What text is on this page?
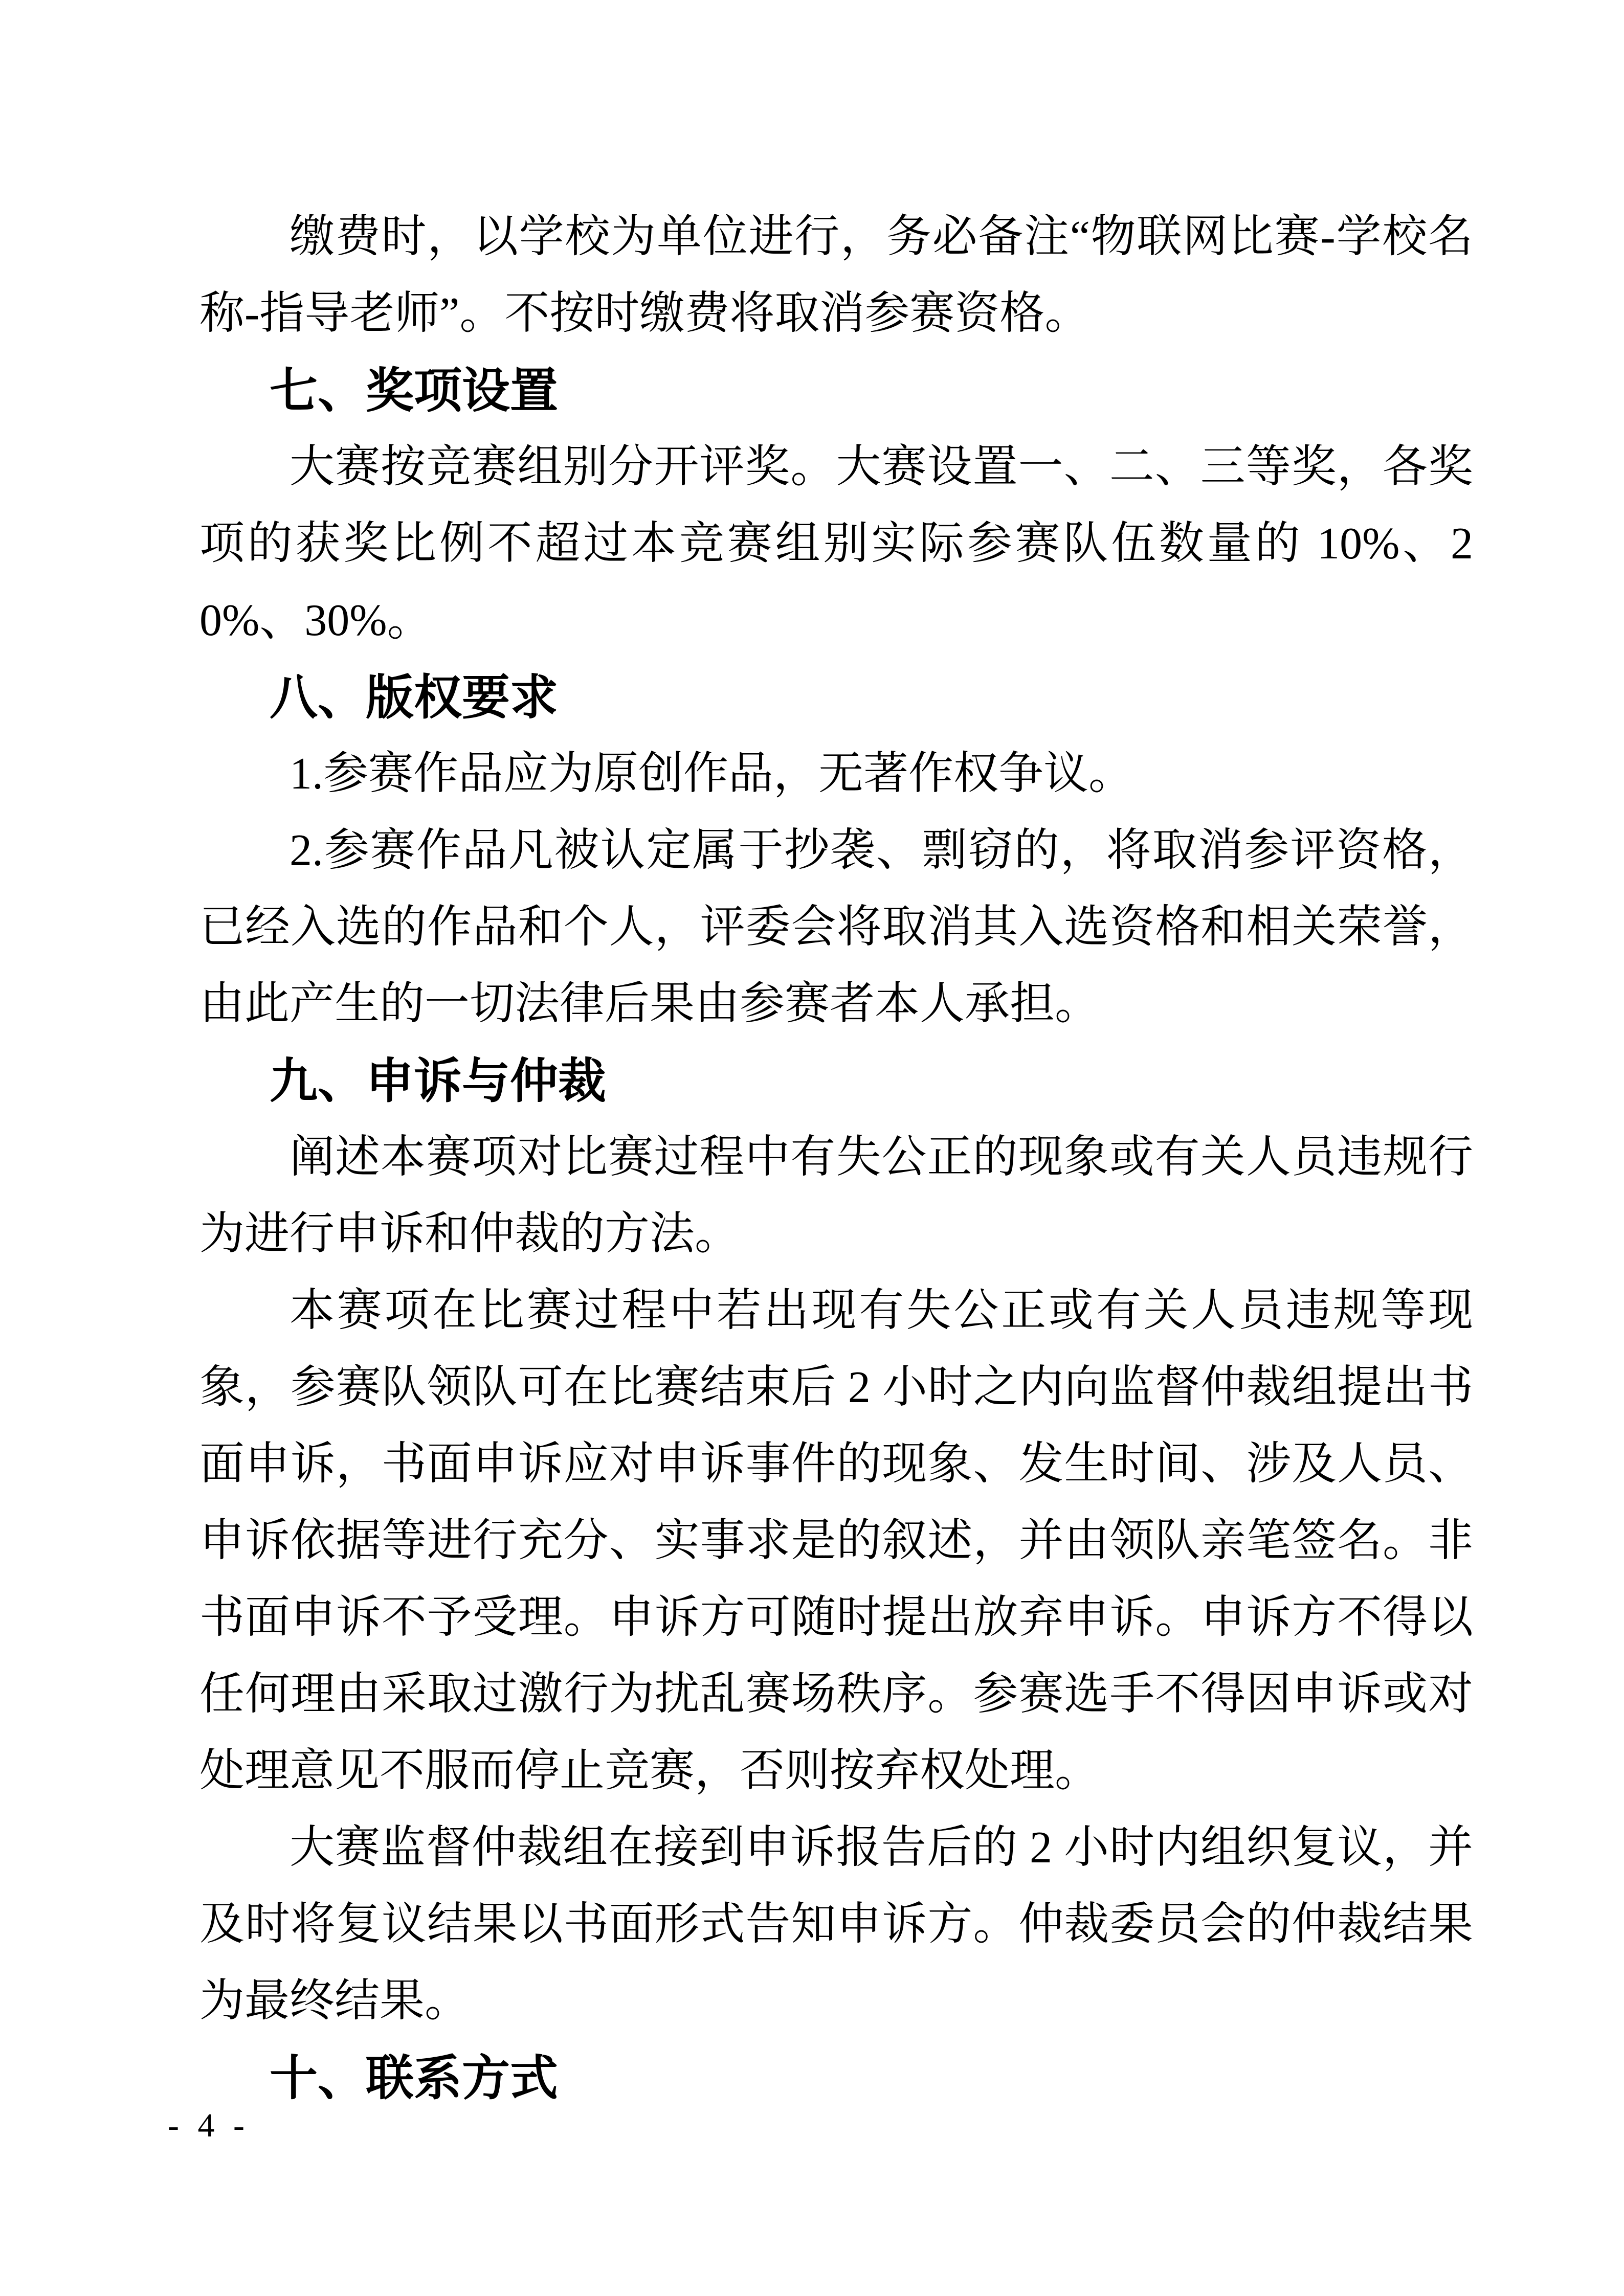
缴费时，以学校为单位进行，务必备注“物联网比赛-学校名称-指导老师”。不按时缴费将取消参赛资格。

七、奖项设置

大赛按竞赛组别分开评奖。大赛设置一、二、三等奖，各奖项的获奖比例不超过本竞赛组别实际参赛队伍数量的 10%、20%、30%。

八、版权要求

1.参赛作品应为原创作品，无著作权争议。

2.参赛作品凡被认定属于抄袭、剽窃的，将取消参评资格，已经入选的作品和个人，评委会将取消其入选资格和相关荣誉，由此产生的一切法律后果由参赛者本人承担。

九、申诉与仲裁

阐述本赛项对比赛过程中有失公正的现象或有关人员违规行为进行申诉和仲裁的方法。

本赛项在比赛过程中若出现有失公正或有关人员违规等现象，参赛队领队可在比赛结束后 2 小时之内向监督仲裁组提出书面申诉，书面申诉应对申诉事件的现象、发生时间、涉及人员、申诉依据等进行充分、实事求是的叙述，并由领队亲笔签名。非书面申诉不予受理。申诉方可随时提出放弃申诉。申诉方不得以任何理由采取过激行为扰乱赛场秩序。参赛选手不得因申诉或对处理意见不服而停止竞赛，否则按弃权处理。

大赛监督仲裁组在接到申诉报告后的 2 小时内组织复议，并及时将复议结果以书面形式告知申诉方。仲裁委员会的仲裁结果为最终结果。

十、联系方式
- 4 -
